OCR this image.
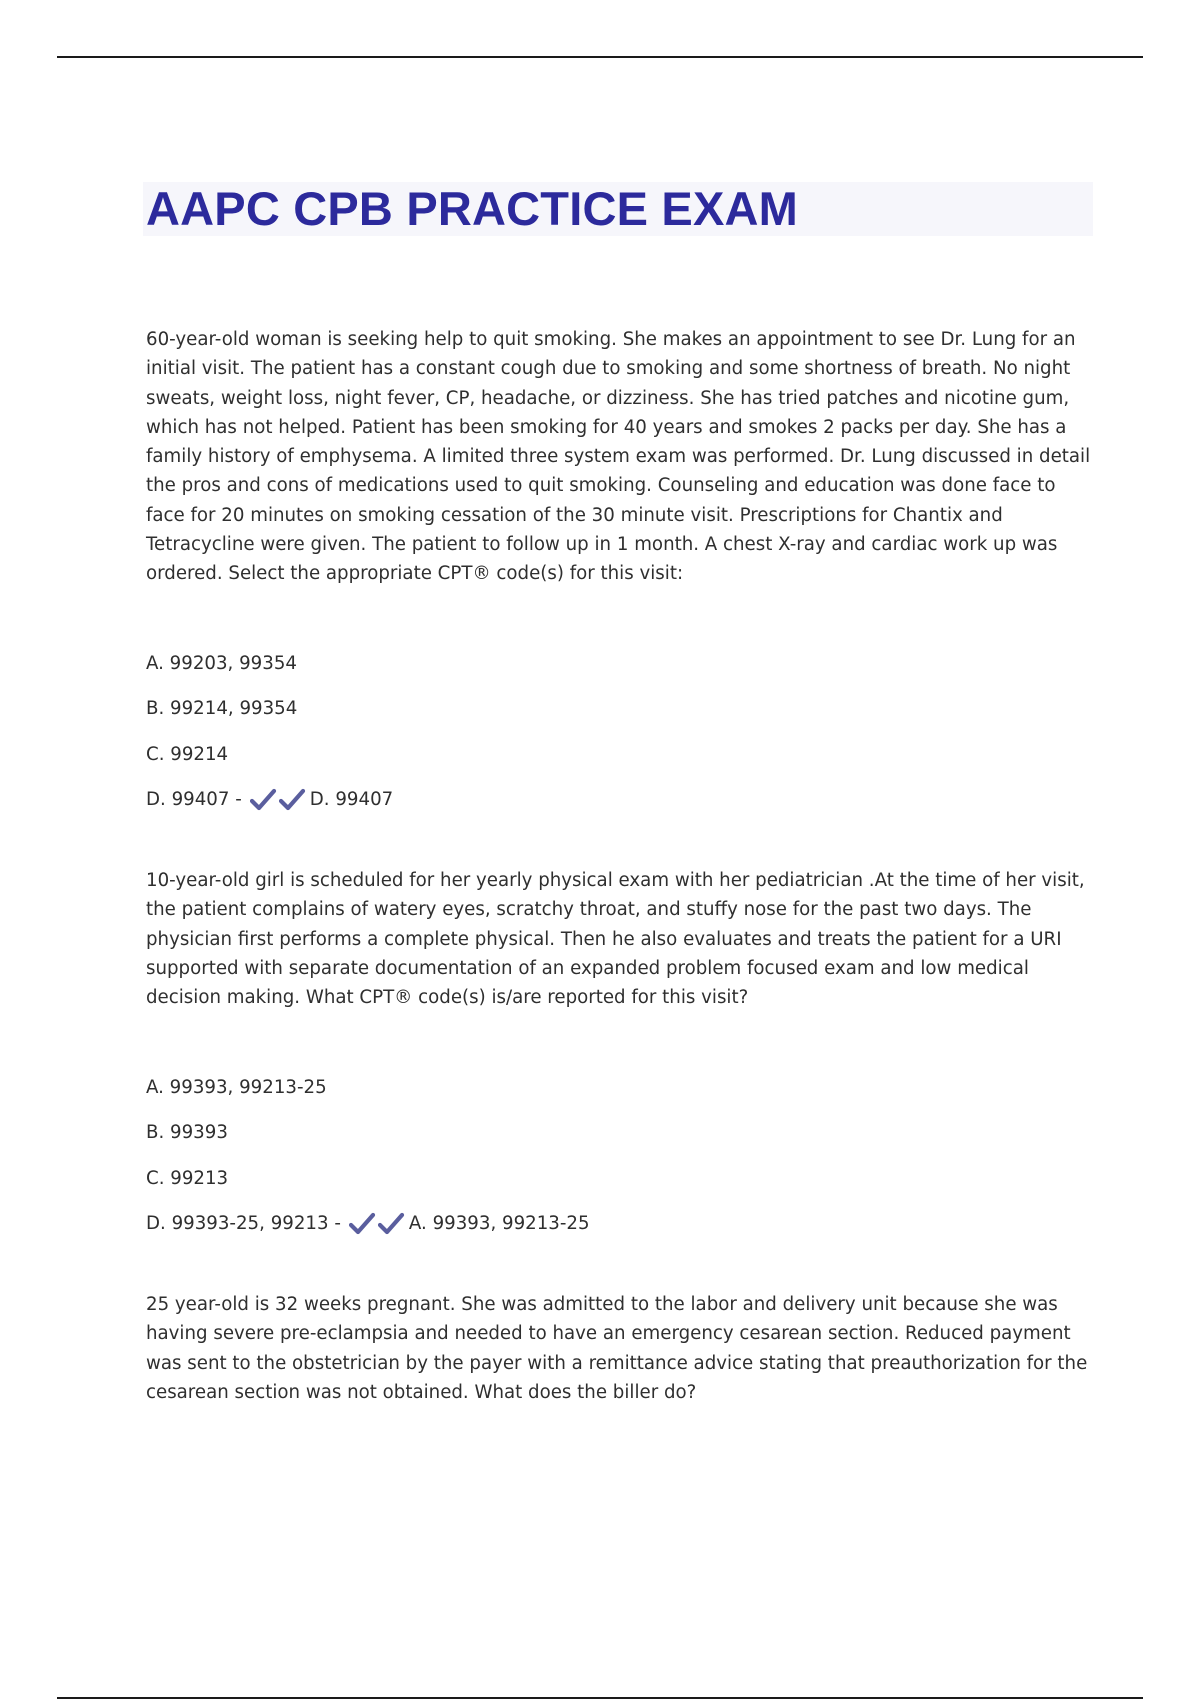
AAPC CPB PRACTICE EXAM

60-year-old woman is seeking help to quit smoking. She makes an appointment to see Dr. Lung for an initial visit. The patient has a constant cough due to smoking and some shortness of breath. No night sweats, weight loss, night fever, CP, headache, or dizziness. She has tried patches and nicotine gum, which has not helped. Patient has been smoking for 40 years and smokes 2 packs per day. She has a family history of emphysema. A limited three system exam was performed. Dr. Lung discussed in detail the pros and cons of medications used to quit smoking. Counseling and education was done face to face for 20 minutes on smoking cessation of the 30 minute visit. Prescriptions for Chantix and Tetracycline were given. The patient to follow up in 1 month. A chest X-ray and cardiac work up was ordered. Select the appropriate CPT® code(s) for this visit:

A. 99203, 99354
B. 99214, 99354
C. 99214
D. 99407 -	D. 99407

10-year-old girl is scheduled for her yearly physical exam with her pediatrician .At the time of her visit, the patient complains of watery eyes, scratchy throat, and stuffy nose for the past two days. The physician first performs a complete physical. Then he also evaluates and treats the patient for a URI supported with separate documentation of an expanded problem focused exam and low medical decision making. What CPT® code(s) is/are reported for this visit?

A. 99393, 99213-25
B. 99393
C. 99213
D. 99393-25, 99213 -	A. 99393, 99213-25

25 year-old is 32 weeks pregnant. She was admitted to the labor and delivery unit because she was having severe pre-eclampsia and needed to have an emergency cesarean section. Reduced payment was sent to the obstetrician by the payer with a remittance advice stating that preauthorization for the cesarean section was not obtained. What does the biller do?
